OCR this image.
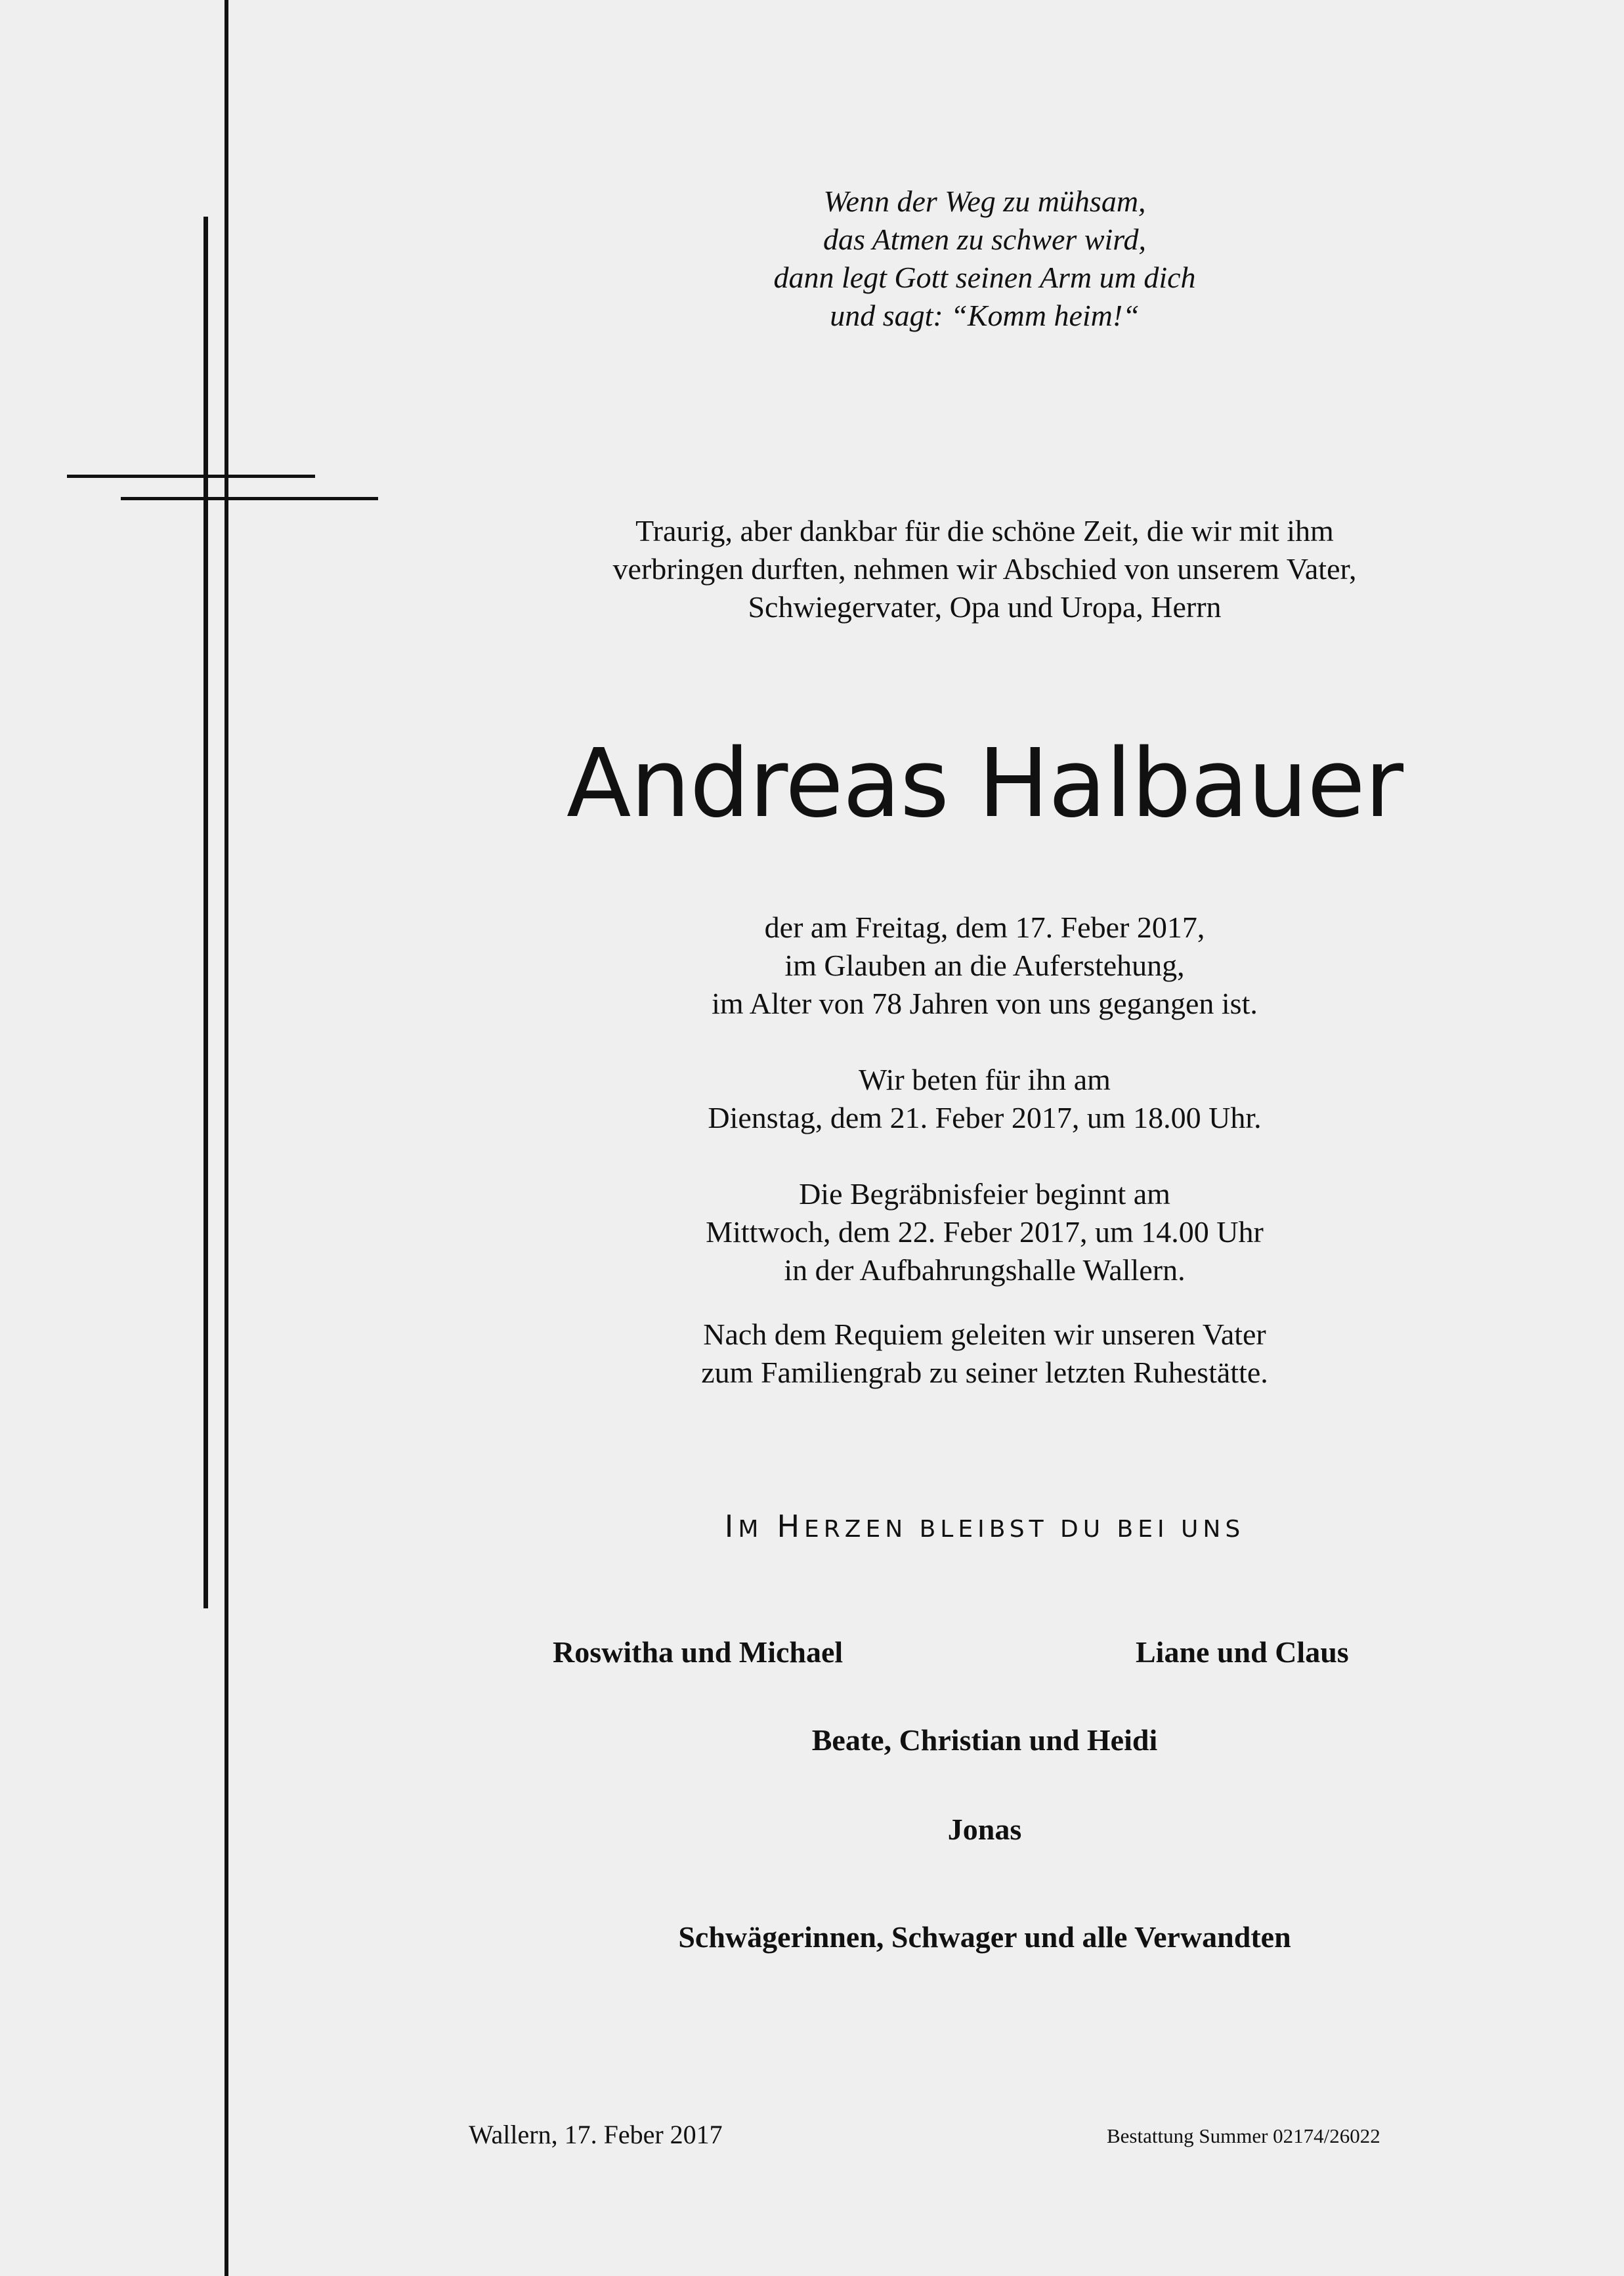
Wenn der Weg zu mühsam,
das Atmen zu schwer wird,
dann legt Gott seinen Arm um dich
und sagt: “Komm heim!“
Traurig, aber dankbar für die schöne Zeit, die wir mit ihm
verbringen durften, nehmen wir Abschied von unserem Vater,
Schwiegervater, Opa und Uropa, Herrn
Andreas Halbauer
der am Freitag, dem 17. Feber 2017,
im Glauben an die Auferstehung,
im Alter von 78 Jahren von uns gegangen ist.
Wir beten für ihn am
Dienstag, dem 21. Feber 2017, um 18.00 Uhr.
Die Begräbnisfeier beginnt am
Mittwoch, dem 22. Feber 2017, um 14.00 Uhr
in der Aufbahrungshalle Wallern.
Nach dem Requiem geleiten wir unseren Vater
zum Familiengrab zu seiner letzten Ruhestätte.
IM HERZEN BLEIBST DU BEI UNS
Roswitha und Michael	Liane und Claus
Beate, Christian und Heidi
Jonas
Schwägerinnen, Schwager und alle Verwandten
Wallern, 17. Feber 2017	Bestattung Summer 02174/26022
